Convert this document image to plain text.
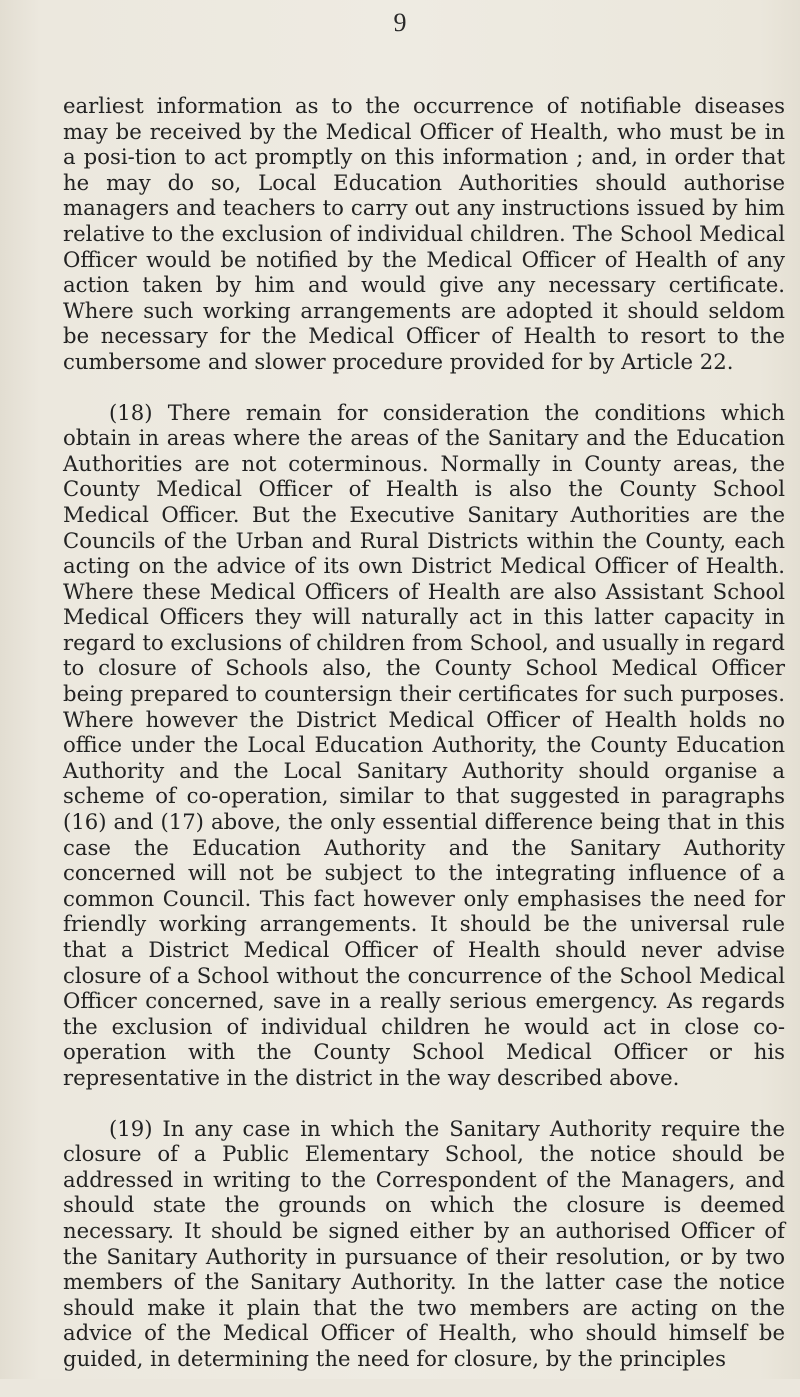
9

earliest information as to the occurrence of notifiable diseases may be received by the Medical Officer of Health, who must be in a posi-tion to act promptly on this information ; and, in order that he may do so, Local Education Authorities should authorise managers and teachers to carry out any instructions issued by him relative to the exclusion of individual children. The School Medical Officer would be notified by the Medical Officer of Health of any action taken by him and would give any necessary certificate. Where such working arrangements are adopted it should seldom be necessary for the Medical Officer of Health to resort to the cumbersome and slower procedure provided for by Article 22.

(18) There remain for consideration the conditions which obtain in areas where the areas of the Sanitary and the Education Authorities are not coterminous. Normally in County areas, the County Medical Officer of Health is also the County School Medical Officer. But the Executive Sanitary Authorities are the Councils of the Urban and Rural Districts within the County, each acting on the advice of its own District Medical Officer of Health. Where these Medical Officers of Health are also Assistant School Medical Officers they will naturally act in this latter capacity in regard to exclusions of children from School, and usually in regard to closure of Schools also, the County School Medical Officer being prepared to countersign their certificates for such purposes. Where however the District Medical Officer of Health holds no office under the Local Education Authority, the County Education Authority and the Local Sanitary Authority should organise a scheme of co-operation, similar to that suggested in paragraphs (16) and (17) above, the only essential difference being that in this case the Education Authority and the Sanitary Authority concerned will not be subject to the integrating influence of a common Council. This fact however only emphasises the need for friendly working arrangements. It should be the universal rule that a District Medical Officer of Health should never advise closure of a School without the concurrence of the School Medical Officer concerned, save in a really serious emergency. As regards the exclusion of individual children he would act in close co-operation with the County School Medical Officer or his representative in the district in the way described above.

(19) In any case in which the Sanitary Authority require the closure of a Public Elementary School, the notice should be addressed in writing to the Correspondent of the Managers, and should state the grounds on which the closure is deemed necessary. It should be signed either by an authorised Officer of the Sanitary Authority in pursuance of their resolution, or by two members of the Sanitary Authority. In the latter case the notice should make it plain that the two members are acting on the advice of the Medical Officer of Health, who should himself be guided, in determining the need for closure, by the principles
